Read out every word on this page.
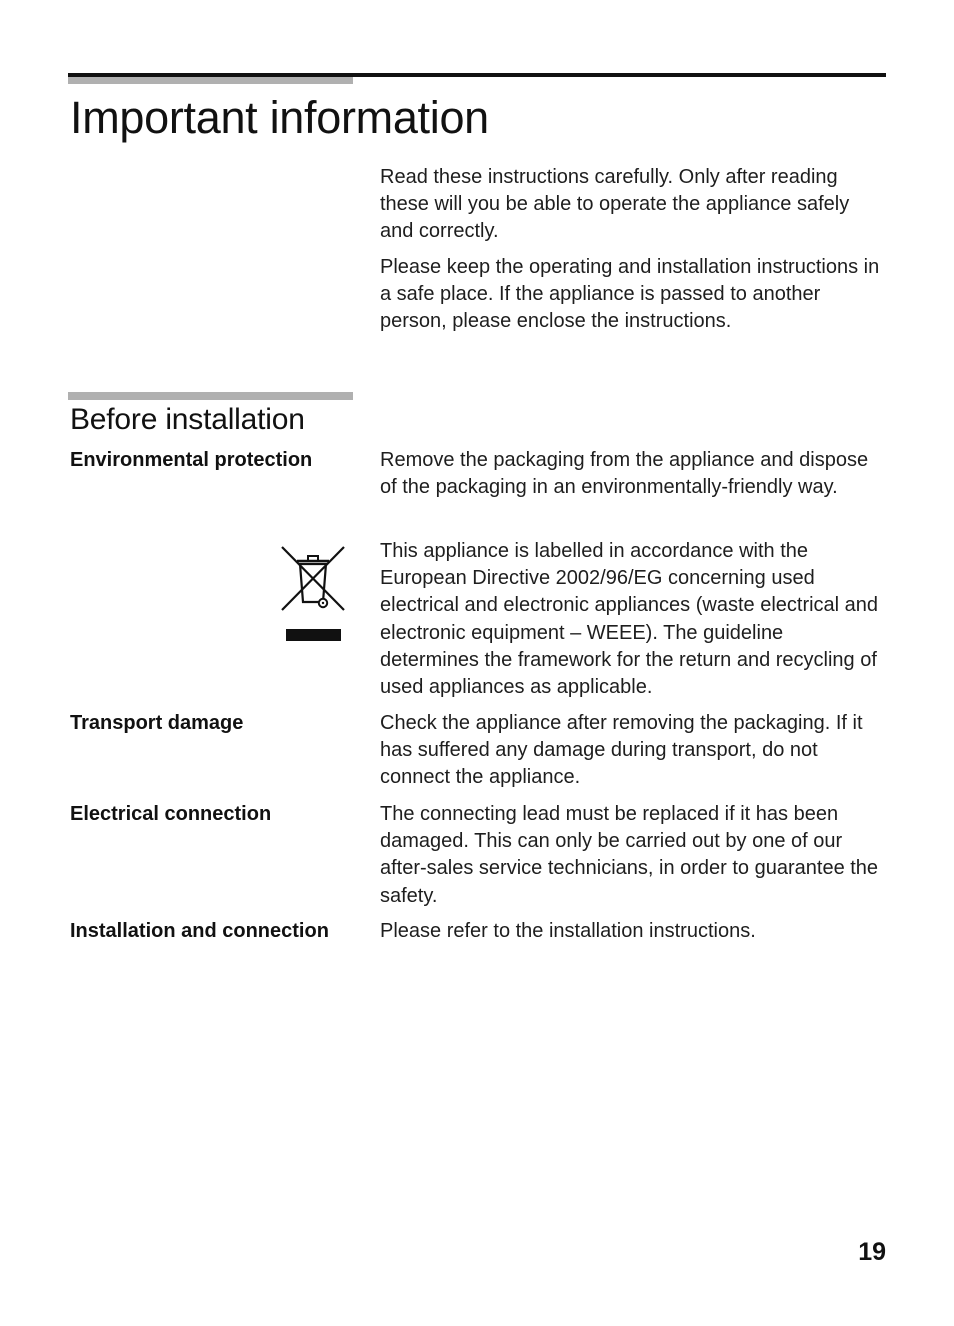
Important information

Read these instructions carefully. Only after reading these will you be able to operate the appliance safely and correctly.

Please keep the operating and installation instructions in a safe place. If the appliance is passed to another person, please enclose the instructions.

Before installation

Environmental protection	Remove the packaging from the appliance and dispose of the packaging in an environmentally-friendly way.

This appliance is labelled in accordance with the European Directive 2002/96/EG concerning used electrical and electronic appliances (waste electrical and electronic equipment – WEEE). The guideline determines the framework for the return and recycling of used appliances as applicable.

Transport damage	Check the appliance after removing the packaging. If it has suffered any damage during transport, do not connect the appliance.

Electrical connection	The connecting lead must be replaced if it has been damaged. This can only be carried out by one of our after-sales service technicians, in order to guarantee the safety.

Installation and connection	Please refer to the installation instructions.

19
